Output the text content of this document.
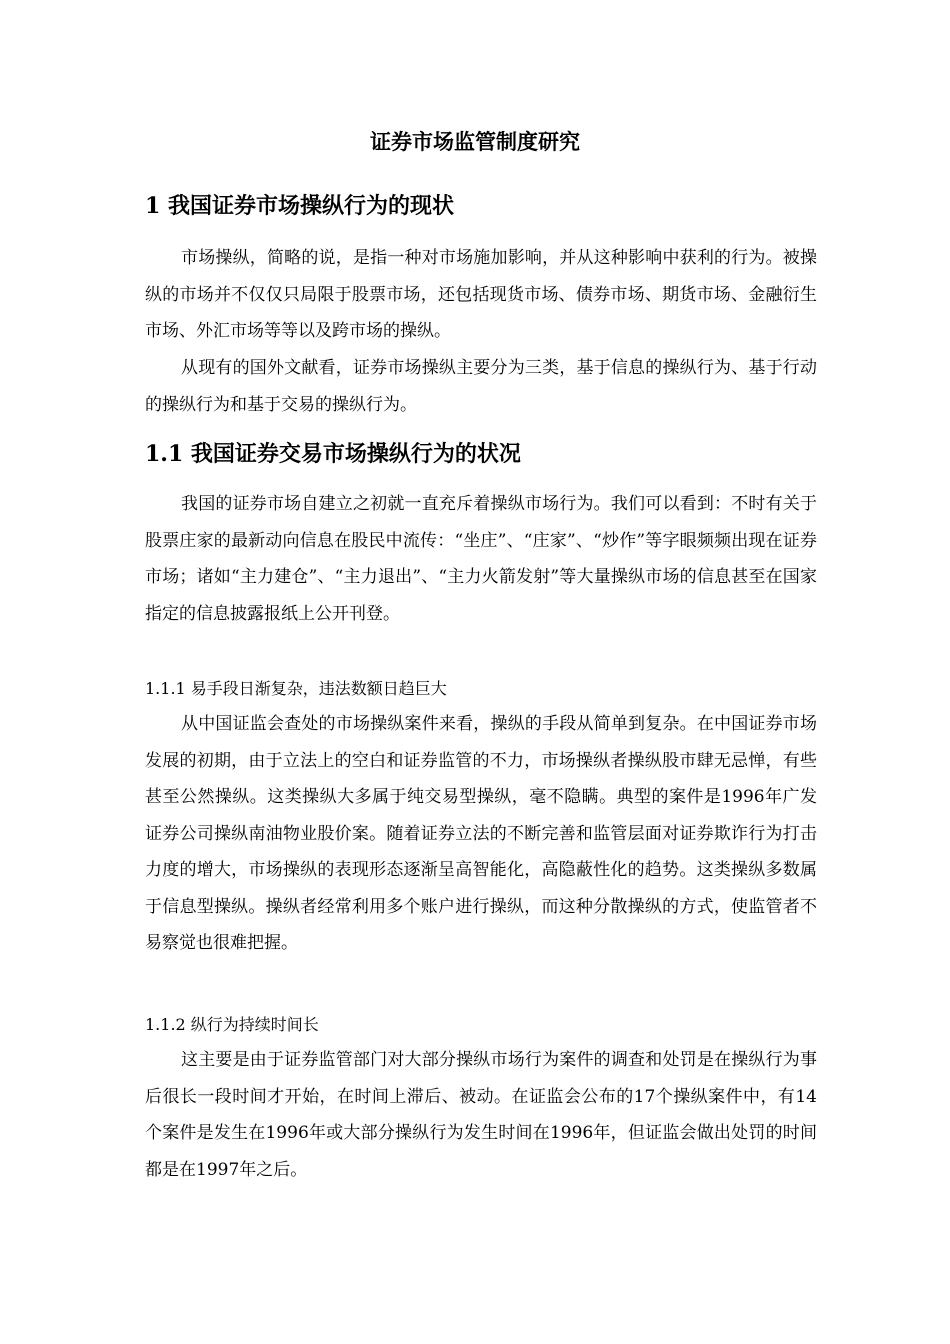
证券市场监管制度研究
1 我国证券市场操纵行为的现状

市场操纵，简略的说，是指一种对市场施加影响，并从这种影响中获利的行为。被操纵的市场并不仅仅只局限于股票市场，还包括现货市场、债券市场、期货市场、金融衍生市场、外汇市场等等以及跨市场的操纵。

从现有的国外文献看，证券市场操纵主要分为三类，基于信息的操纵行为、基于行动的操纵行为和基于交易的操纵行为。

1.1 我国证券交易市场操纵行为的状况

我国的证券市场自建立之初就一直充斥着操纵市场行为。我们可以看到：不时有关于股票庄家的最新动向信息在股民中流传：“坐庄”、“庄家”、“炒作”等字眼频频出现在证券市场；诸如“主力建仓”、“主力退出”、“主力火箭发射”等大量操纵市场的信息甚至在国家指定的信息披露报纸上公开刊登。

1.1.1 易手段日渐复杂，违法数额日趋巨大

从中国证监会查处的市场操纵案件来看，操纵的手段从简单到复杂。在中国证券市场发展的初期，由于立法上的空白和证券监管的不力，市场操纵者操纵股市肆无忌惮，有些甚至公然操纵。这类操纵大多属于纯交易型操纵，毫不隐瞒。典型的案件是1996年广发证券公司操纵南油物业股价案。随着证券立法的不断完善和监管层面对证券欺诈行为打击力度的增大，市场操纵的表现形态逐渐呈高智能化，高隐蔽性化的趋势。这类操纵多数属于信息型操纵。操纵者经常利用多个账户进行操纵，而这种分散操纵的方式，使监管者不易察觉也很难把握。

1.1.2 纵行为持续时间长

这主要是由于证券监管部门对大部分操纵市场行为案件的调查和处罚是在操纵行为事后很长一段时间才开始，在时间上滞后、被动。在证监会公布的17个操纵案件中，有14个案件是发生在1996年或大部分操纵行为发生时间在1996年，但证监会做出处罚的时间都是在1997年之后。
